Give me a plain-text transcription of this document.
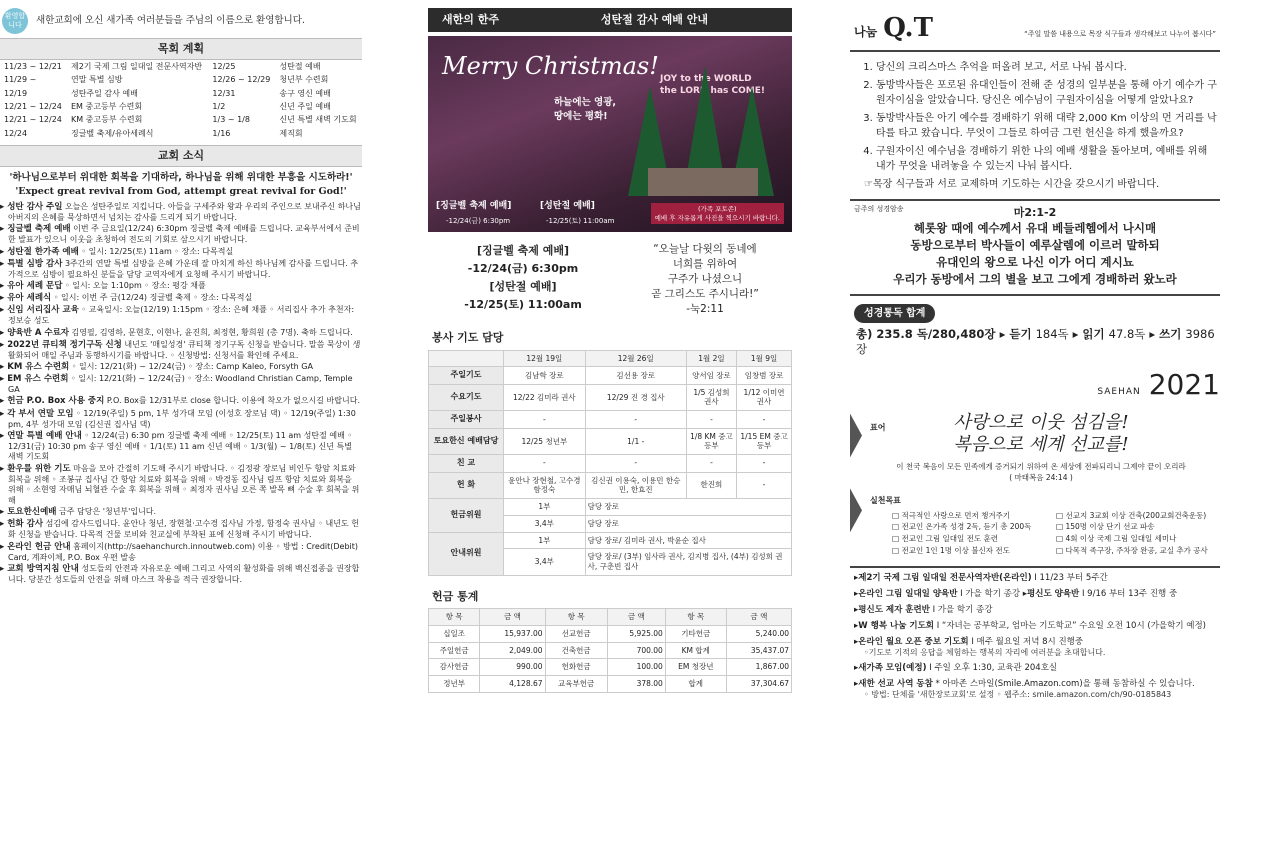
환영합니다	새한교회에 오신 새가족 여러분들을 주님의 이름으로 환영합니다.
목회 계획
11/23 ~ 12/21	제2기 국제 그림 일대일 전문사역자반	12/25	성탄절 예배
11/29 ~	연말 특별 심방	12/26 ~ 12/29	청년부 수련회
12/19	성탄주일 감사 예배	12/31	송구 영신 예배
12/21 ~ 12/24	EM 중고등부 수련회	1/2	신년 주일 예배
12/21 ~ 12/24	KM 중고등부 수련회	1/3 ~ 1/8	신년 특별 새벽 기도회
12/24	징글벨 축제/유아세례식	1/16	제직회
교회 소식
'하나님으로부터 위대한 회복을 기대하라, 하나님을 위해 위대한 부흥을 시도하라!'
'Expect great revival from God, attempt great revival for God!'
▸ 성탄 감사 주일 오늘은 성탄주일로 지킵니다. 아들을 구세주와 왕과 우리의 주인으로 보내주신 하나님 아버지의 은혜를 묵상하면서 넘치는 감사를 드리게 되기 바랍니다.
▸ 징글벨 축제 예배 이번 주 금요일(12/24) 6:30pm 징글벨 축제 예배를 드립니다. 교육부서에서 준비한 발표가 있으니 이웃을 초청하여 전도의 기회로 삼으시기 바랍니다.
▸ 성탄절 한가족 예배 ◦ 일시: 12/25(토) 11am ◦ 장소: 다목적실
▸ 특별 심방 감사 3주간의 연말 특별 심방을 은혜 가운데 잘 마치게 하신 하나님께 감사를 드립니다. 추가적으로 심방이 필요하신 분들을 담당 교역자에게 요청해 주시기 바랍니다.
▸ 유아 세례 문답 ◦ 일시: 오늘 1:10pm ◦ 장소: 평강 채플
▸ 유아 세례식 ◦ 일시: 이번 주 금(12/24) 징글벨 축제 ◦ 장소: 다목적실
▸ 신임 서리집사 교육 ◦ 교육일시: 오늘(12/19) 1:15pm ◦ 장소: 은혜 채플 ◦ 서리집사 추가 추천자: 정보승 성도
▸ 양육반 A 수료자 김영필, 김영하, 문현호, 이현나, 윤진희, 최정현, 황희원 (총 7명). 축하 드립니다.
▸ 2022년 큐티책 정기구독 신청 내년도 '매일성경' 큐티책 정기구독 신청을 받습니다. 말씀 묵상이 생활화되어 매일 주님과 동행하시기를 바랍니다. ◦ 신청방법: 신청서를 확인해 주세요.
▸ KM 유스 수련회 ◦ 일시: 12/21(화) ~ 12/24(금) ◦ 장소: Camp Kaleo, Forsyth GA
▸ EM 유스 수련회 ◦ 일시: 12/21(화) ~ 12/24(금) ◦ 장소: Woodland Christian Camp, Temple GA
▸ 헌금 P.O. Box 사용 중지 P.O. Box를 12/31부로 close 합니다. 이용에 착오가 없으시길 바랍니다.
▸ 각 부서 연말 모임 ◦ 12/19(주일) 5 pm, 1부 성가대 모임 (이성호 장로님 댁) ◦ 12/19(주일) 1:30 pm, 4부 성가대 모임 (김신권 집사님 댁)
▸ 연말 특별 예배 안내 ◦ 12/24(금) 6:30 pm 징글벨 축제 예배 ◦ 12/25(토) 11 am 성탄절 예배 ◦ 12/31(금) 10:30 pm 송구 영신 예배 ◦ 1/1(토) 11 am 신년 예배 ◦ 1/3(월) ~ 1/8(토) 신년 특별 새벽 기도회
▸ 환우를 위한 기도 마음을 모아 간절히 기도해 주시기 바랍니다. ◦ 김정광 장로님 비인두 항암 치료와 회복을 위해 ◦ 조봉규 집사님 간 항암 치료와 회복을 위해 ◦ 박경동 집사님 림프 항암 치료와 회복을 위해 ◦ 소현영 자매님 뇌혈관 수술 후 회복을 위해 ◦ 최정자 권사님 오른 쪽 발목 뼈 수술 후 회복을 위해
▸ 토요한신예배 금주 담당은 '청년부'입니다.
▸ 헌화 감사 섬김에 감사드립니다. 윤안나 청년, 장현철·고수경 집사님 가정, 함정숙 권사님 ◦ 내년도 헌화 신청을 받습니다. 다목적 건물 로비와 친교실에 부착된 표에 신청해 주시기 바랍니다.
▸ 온라인 헌금 안내 홈페이지(http://saehanchurch.innoutweb.com) 이용 ◦ 방법 : Credit(Debit) Card, 계좌이체, P.O. Box 우편 발송
▸ 교회 방역지침 안내 성도들의 안전과 자유로운 예배 그리고 사역의 활성화를 위해 백신접종을 권장합니다. 당분간 성도들의 안전을 위해 마스크 착용을 적극 권장합니다.
새한의 한주	성탄절 감사 예배 안내
Merry Christmas!
하늘에는 영광,
땅에는 평화!
JOY to the WORLD
the LORD has COME!
[징글벨 축제 예배]
-12/24(금) 6:30pm
[성탄절 예배]
-12/25(토) 11:00am
(가족 포토존)
예배 후 자유롭게 사진을 찍으시기 바랍니다.
[징글벨 축제 예배]
-12/24(금) 6:30pm
[성탄절 예배]
-12/25(토) 11:00am
“오늘날 다윗의 동네에
너희를 위하여
구주가 나셨으니
곧 그리스도 주시니라!”
-눅2:11
봉사 기도 담당
	12월 19일	12월 26일	1월 2일	1월 9일
주일기도	김남학 장로	김선용 장로	양서임 장로	임창범 장로
수요기도	12/22 김미라 권사	12/29 진 경 집사	1/5 김성희 권사	1/12 이미연 권사
주일봉사	-	-	-	-
토요한신 예배담당	12/25 청년부	1/1 -	1/8 KM 중고등부	1/15 EM 중고등부
친 교	-	-	-	-
헌 화	윤안나 장현철, 고수경 함정숙	김신권 이용숙, 이용민 한승민, 한효진	한진희	-
헌금위원	1부	담당 장로		
	3,4부	담당 장로		
안내위원	1부	담당 장로/ 김미라 권사, 박윤순 집사		
	3,4부	담당 장로/ (3부) 임사라 권사, 김지병 집사, (4부) 김성희 권사, 구춘빈 집사		
헌금 통계
항 목	금 액	항 목	금 액	항 목	금 액
십일조	15,937.00	선교헌금	5,925.00	기타헌금	5,240.00
주일헌금	2,049.00	건축헌금	700.00	KM 합계	35,437.07
감사헌금	990.00	헌화헌금	100.00	EM 청장년	1,867.00
정년부	4,128.67	교육부헌금	378.00	합계	37,304.67
나눔 Q.T	“주일 말씀 내용으로 목장 식구들과 생각해보고 나누어 봅시다”
1. 당신의 크리스마스 추억을 떠올려 보고, 서로 나눠 봅시다.
2. 동방박사들은 포로된 유대인들이 전해 준 성경의 일부분을 통해 아기 예수가 구원자이심을 알았습니다. 당신은 예수님이 구원자이심을 어떻게 알았나요?
3. 동방박사들은 아기 예수를 경배하기 위해 대략 2,000 Km 이상의 먼 거리를 낙타를 타고 왔습니다. 무엇이 그들로 하여금 그런 헌신을 하게 했을까요?
4. 구원자이신 예수님을 경배하기 위한 나의 예배 생활을 돌아보며, 예배를 위해 내가 무엇을 내려놓을 수 있는지 나눠 봅시다.
☞목장 식구들과 서로 교제하며 기도하는 시간을 갖으시기 바랍니다.
금주의 성경암송	마2:1-2
헤롯왕 때에 예수께서 유대 베들레헴에서 나시매
동방으로부터 박사들이 예루살렘에 이르러 말하되
유대인의 왕으로 나신 이가 어디 계시뇨
우리가 동방에서 그의 별을 보고 그에게 경배하러 왔노라
성경통독 합계
총) 235.8 독/280,480장 ▸ 듣기 184독 ▸ 읽기 47.8독 ▸ 쓰기 3986장
SAEHAN 2021
표어	사랑으로 이웃 섬김을!
복음으로 세계 선교를!
이 천국 복음이 모든 민족에게 증거되기 위하여 온 세상에 전파되리니 그제야 끝이 오리라
( 마태복음 24:14 )
실천목표
□ 적극적인 사랑으로 먼저 챙겨주기	□ 선교지 3교회 이상 건축(200교회건축운동)
□ 전교인 온가족 성경 2독, 듣기 총 200독	□ 150명 이상 단기 선교 파송
□ 전교인 그림 일대일 전도 훈련	□ 4회 이상 국제 그림 일대일 세미나
□ 전교인 1인 1명 이상 불신자 전도	□ 다목적 족구장, 주차장 완공, 교실 추가 공사
▸제2기 국제 그림 일대일 전문사역자반(온라인) I 11/23 부터 5주간
▸온라인 그림 일대일 양육반 I 가을 학기 종강 ▸평신도 양육반 I 9/16 부터 13주 진행 중
▸평신도 제자 훈련반 I 가을 학기 종강
▸W 행복 나눔 기도회 I “자녀는 공부학교, 엄마는 기도학교” 수요일 오전 10시 (가을학기 예정)
▸온라인 월요 오픈 중보 기도회 I 매주 월요일 저녁 8시 진행중
◦기도로 기적의 응답을 체험하는 행복의 자리에 여러분을 초대합니다.
▸새가족 모임(예정) I 주일 오후 1:30, 교육관 204호실
▸새한 선교 사역 동참 * 아마존 스마일(Smile.Amazon.com)을 통해 동참하실 수 있습니다.
◦ 방법: 단체를 '새한장로교회'로 설정 ◦ 웹주소: smile.amazon.com/ch/90-0185843
